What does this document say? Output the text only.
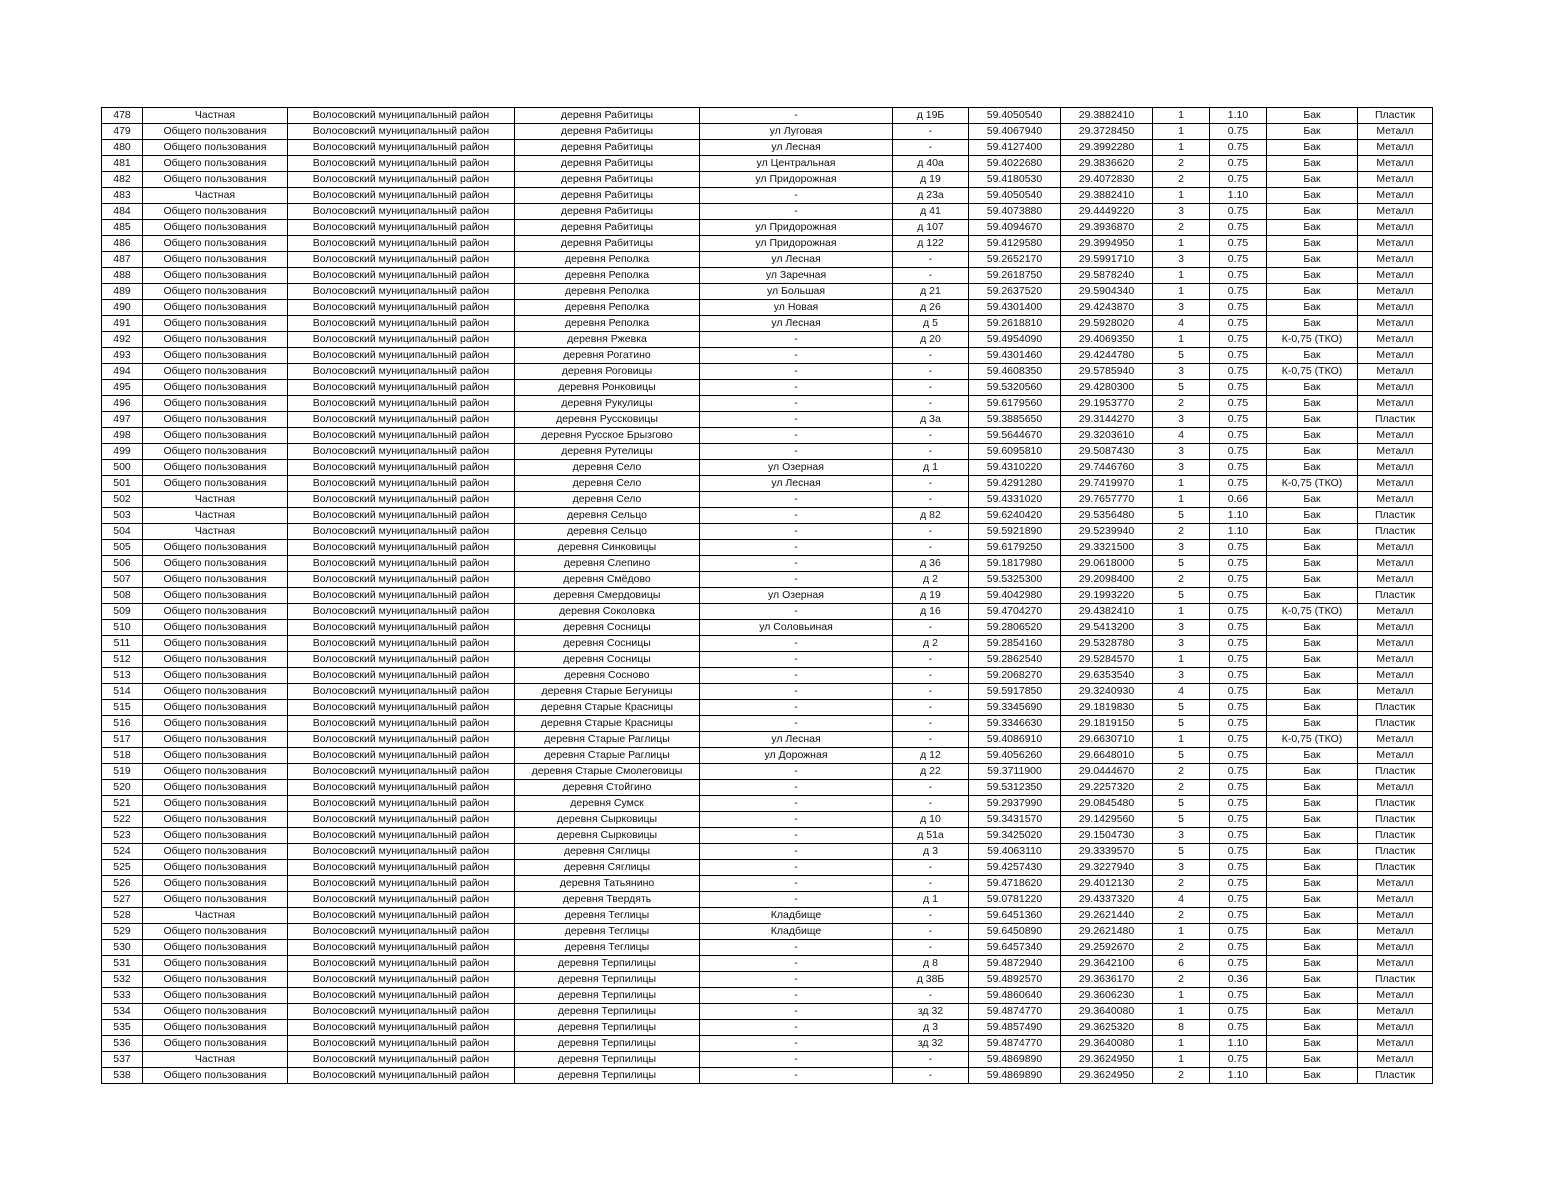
478	Частная	Волосовский муниципальный район	деревня Рабитицы	-	д 19Б	59.4050540	29.3882410	1	1.10	Бак	Пластик
479	Общего пользования	Волосовский муниципальный район	деревня Рабитицы	ул Луговая	-	59.4067940	29.3728450	1	0.75	Бак	Металл
480	Общего пользования	Волосовский муниципальный район	деревня Рабитицы	ул Лесная	-	59.4127400	29.3992280	1	0.75	Бак	Металл
481	Общего пользования	Волосовский муниципальный район	деревня Рабитицы	ул Центральная	д 40а	59.4022680	29.3836620	2	0.75	Бак	Металл
482	Общего пользования	Волосовский муниципальный район	деревня Рабитицы	ул Придорожная	д 19	59.4180530	29.4072830	2	0.75	Бак	Металл
483	Частная	Волосовский муниципальный район	деревня Рабитицы	-	д 23а	59.4050540	29.3882410	1	1.10	Бак	Металл
484	Общего пользования	Волосовский муниципальный район	деревня Рабитицы	-	д 41	59.4073880	29.4449220	3	0.75	Бак	Металл
485	Общего пользования	Волосовский муниципальный район	деревня Рабитицы	ул Придорожная	д 107	59.4094670	29.3936870	2	0.75	Бак	Металл
486	Общего пользования	Волосовский муниципальный район	деревня Рабитицы	ул Придорожная	д 122	59.4129580	29.3994950	1	0.75	Бак	Металл
487	Общего пользования	Волосовский муниципальный район	деревня Реполка	ул Лесная	-	59.2652170	29.5991710	3	0.75	Бак	Металл
488	Общего пользования	Волосовский муниципальный район	деревня Реполка	ул Заречная	-	59.2618750	29.5878240	1	0.75	Бак	Металл
489	Общего пользования	Волосовский муниципальный район	деревня Реполка	ул Большая	д 21	59.2637520	29.5904340	1	0.75	Бак	Металл
490	Общего пользования	Волосовский муниципальный район	деревня Реполка	ул Новая	д 26	59.4301400	29.4243870	3	0.75	Бак	Металл
491	Общего пользования	Волосовский муниципальный район	деревня Реполка	ул Лесная	д 5	59.2618810	29.5928020	4	0.75	Бак	Металл
492	Общего пользования	Волосовский муниципальный район	деревня Ржевка	-	д 20	59.4954090	29.4069350	1	0.75	К-0,75 (ТКО)	Металл
493	Общего пользования	Волосовский муниципальный район	деревня Рогатино	-	-	59.4301460	29.4244780	5	0.75	Бак	Металл
494	Общего пользования	Волосовский муниципальный район	деревня Роговицы	-	-	59.4608350	29.5785940	3	0.75	К-0,75 (ТКО)	Металл
495	Общего пользования	Волосовский муниципальный район	деревня Ронковицы	-	-	59.5320560	29.4280300	5	0.75	Бак	Металл
496	Общего пользования	Волосовский муниципальный район	деревня Рукулицы	-	-	59.6179560	29.1953770	2	0.75	Бак	Металл
497	Общего пользования	Волосовский муниципальный район	деревня Руссковицы	-	д 3а	59.3885650	29.3144270	3	0.75	Бак	Пластик
498	Общего пользования	Волосовский муниципальный район	деревня Русское Брызгово	-	-	59.5644670	29.3203610	4	0.75	Бак	Металл
499	Общего пользования	Волосовский муниципальный район	деревня Рутелицы	-	-	59.6095810	29.5087430	3	0.75	Бак	Металл
500	Общего пользования	Волосовский муниципальный район	деревня Село	ул Озерная	д 1	59.4310220	29.7446760	3	0.75	Бак	Металл
501	Общего пользования	Волосовский муниципальный район	деревня Село	ул Лесная	-	59.4291280	29.7419970	1	0.75	К-0,75 (ТКО)	Металл
502	Частная	Волосовский муниципальный район	деревня Село	-	-	59.4331020	29.7657770	1	0.66	Бак	Металл
503	Частная	Волосовский муниципальный район	деревня Сельцо	-	д 82	59.6240420	29.5356480	5	1.10	Бак	Пластик
504	Частная	Волосовский муниципальный район	деревня Сельцо	-	-	59.5921890	29.5239940	2	1.10	Бак	Пластик
505	Общего пользования	Волосовский муниципальный район	деревня Синковицы	-	-	59.6179250	29.3321500	3	0.75	Бак	Металл
506	Общего пользования	Волосовский муниципальный район	деревня Слепино	-	д 36	59.1817980	29.0618000	5	0.75	Бак	Металл
507	Общего пользования	Волосовский муниципальный район	деревня Смёдово	-	д 2	59.5325300	29.2098400	2	0.75	Бак	Металл
508	Общего пользования	Волосовский муниципальный район	деревня Смердовицы	ул Озерная	д 19	59.4042980	29.1993220	5	0.75	Бак	Пластик
509	Общего пользования	Волосовский муниципальный район	деревня Соколовка	-	д 16	59.4704270	29.4382410	1	0.75	К-0,75 (ТКО)	Металл
510	Общего пользования	Волосовский муниципальный район	деревня Сосницы	ул Соловьиная	-	59.2806520	29.5413200	3	0.75	Бак	Металл
511	Общего пользования	Волосовский муниципальный район	деревня Сосницы	-	д 2	59.2854160	29.5328780	3	0.75	Бак	Металл
512	Общего пользования	Волосовский муниципальный район	деревня Сосницы	-	-	59.2862540	29.5284570	1	0.75	Бак	Металл
513	Общего пользования	Волосовский муниципальный район	деревня Сосново	-	-	59.2068270	29.6353540	3	0.75	Бак	Металл
514	Общего пользования	Волосовский муниципальный район	деревня Старые Бегуницы	-	-	59.5917850	29.3240930	4	0.75	Бак	Металл
515	Общего пользования	Волосовский муниципальный район	деревня Старые Красницы	-	-	59.3345690	29.1819830	5	0.75	Бак	Пластик
516	Общего пользования	Волосовский муниципальный район	деревня Старые Красницы	-	-	59.3346630	29.1819150	5	0.75	Бак	Пластик
517	Общего пользования	Волосовский муниципальный район	деревня Старые Раглицы	ул Лесная	-	59.4086910	29.6630710	1	0.75	К-0,75 (ТКО)	Металл
518	Общего пользования	Волосовский муниципальный район	деревня Старые Раглицы	ул Дорожная	д 12	59.4056260	29.6648010	5	0.75	Бак	Металл
519	Общего пользования	Волосовский муниципальный район	деревня Старые Смолеговицы	-	д 22	59.3711900	29.0444670	2	0.75	Бак	Пластик
520	Общего пользования	Волосовский муниципальный район	деревня Стойгино	-	-	59.5312350	29.2257320	2	0.75	Бак	Металл
521	Общего пользования	Волосовский муниципальный район	деревня Сумск	-	-	59.2937990	29.0845480	5	0.75	Бак	Пластик
522	Общего пользования	Волосовский муниципальный район	деревня Сырковицы	-	д 10	59.3431570	29.1429560	5	0.75	Бак	Пластик
523	Общего пользования	Волосовский муниципальный район	деревня Сырковицы	-	д 51а	59.3425020	29.1504730	3	0.75	Бак	Пластик
524	Общего пользования	Волосовский муниципальный район	деревня Сяглицы	-	д 3	59.4063110	29.3339570	5	0.75	Бак	Пластик
525	Общего пользования	Волосовский муниципальный район	деревня Сяглицы	-	-	59.4257430	29.3227940	3	0.75	Бак	Пластик
526	Общего пользования	Волосовский муниципальный район	деревня Татьянино	-	-	59.4718620	29.4012130	2	0.75	Бак	Металл
527	Общего пользования	Волосовский муниципальный район	деревня Твердять	-	д 1	59.0781220	29.4337320	4	0.75	Бак	Металл
528	Частная	Волосовский муниципальный район	деревня Теглицы	Кладбище	-	59.6451360	29.2621440	2	0.75	Бак	Металл
529	Общего пользования	Волосовский муниципальный район	деревня Теглицы	Кладбище	-	59.6450890	29.2621480	1	0.75	Бак	Металл
530	Общего пользования	Волосовский муниципальный район	деревня Теглицы	-	-	59.6457340	29.2592670	2	0.75	Бак	Металл
531	Общего пользования	Волосовский муниципальный район	деревня Терпилицы	-	д 8	59.4872940	29.3642100	6	0.75	Бак	Металл
532	Общего пользования	Волосовский муниципальный район	деревня Терпилицы	-	д 38Б	59.4892570	29.3636170	2	0.36	Бак	Пластик
533	Общего пользования	Волосовский муниципальный район	деревня Терпилицы	-	-	59.4860640	29.3606230	1	0.75	Бак	Металл
534	Общего пользования	Волосовский муниципальный район	деревня Терпилицы	-	зд 32	59.4874770	29.3640080	1	0.75	Бак	Металл
535	Общего пользования	Волосовский муниципальный район	деревня Терпилицы	-	д 3	59.4857490	29.3625320	8	0.75	Бак	Металл
536	Общего пользования	Волосовский муниципальный район	деревня Терпилицы	-	зд 32	59.4874770	29.3640080	1	1.10	Бак	Металл
537	Частная	Волосовский муниципальный район	деревня Терпилицы	-	-	59.4869890	29.3624950	1	0.75	Бак	Металл
538	Общего пользования	Волосовский муниципальный район	деревня Терпилицы	-	-	59.4869890	29.3624950	2	1.10	Бак	Пластик
